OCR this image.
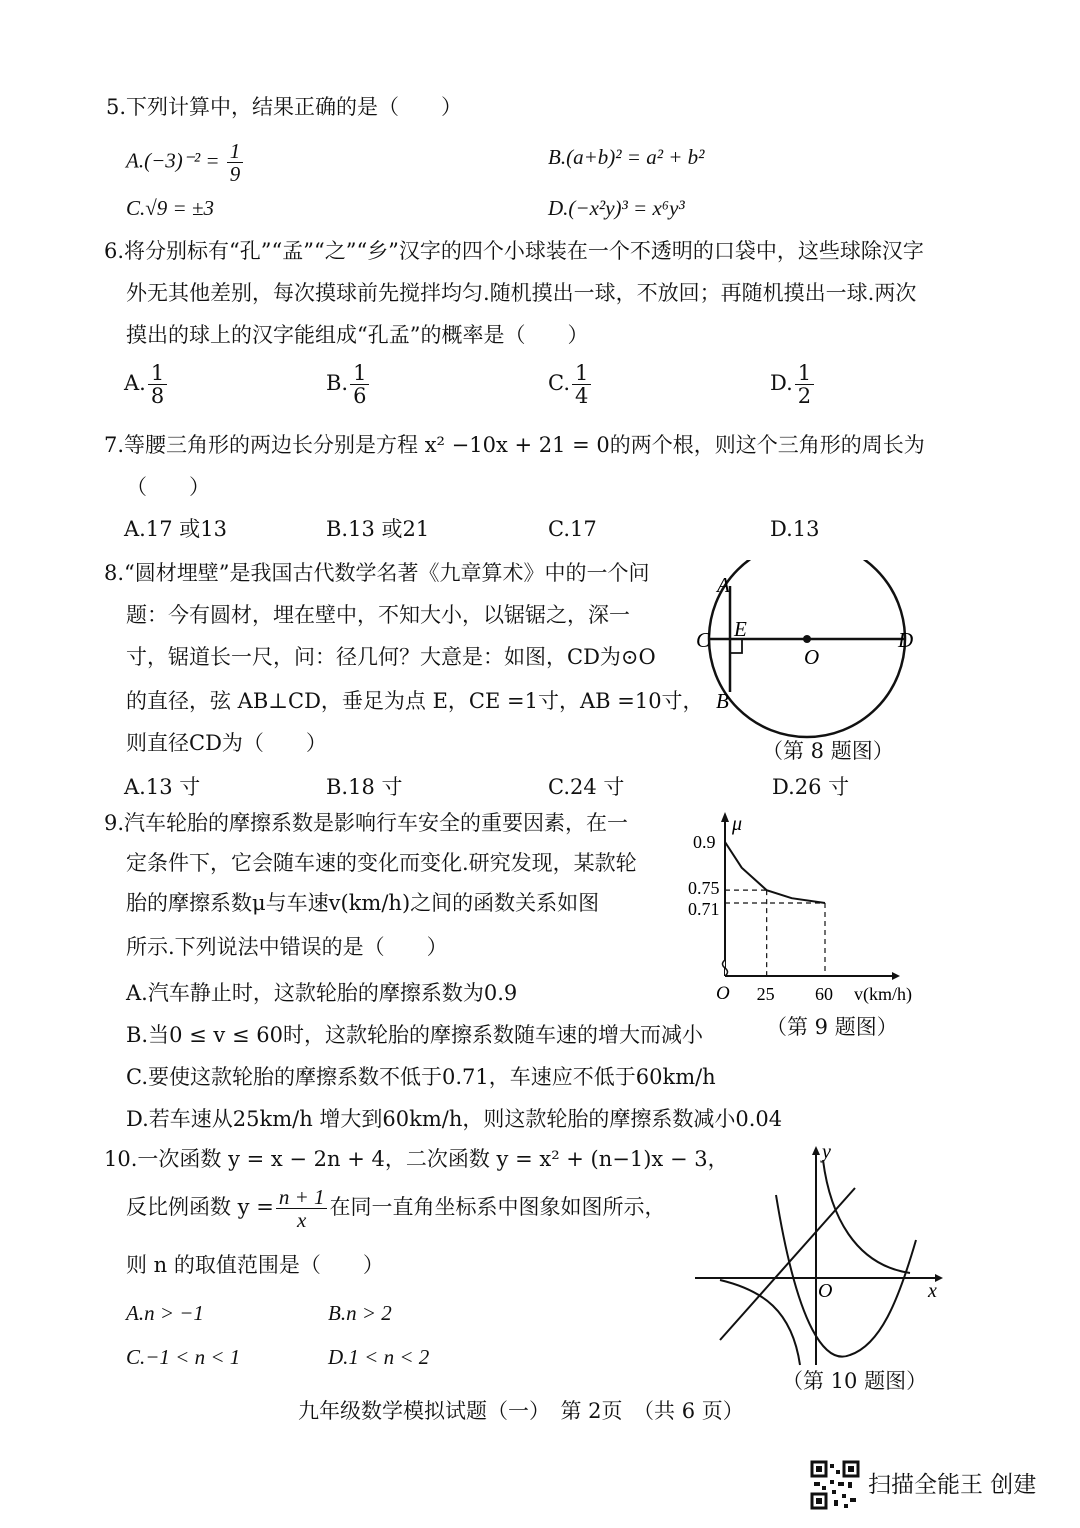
5.下列计算中，结果正确的是（　　）
$A.(-3)^{-2} = \frac{1}{9}$	B.(a+b)² = a² + b²
C.√9 = ±3	D.(−x²y)³ = x⁶y³
6.将分别标有“孔”“孟”“之”“乡”汉字的四个小球装在一个不透明的口袋中，这些球除汉字
外无其他差别，每次摸球前先搅拌均匀.随机摸出一球，不放回；再随机摸出一球.两次
摸出的球上的汉字能组成“孔孟”的概率是（　　）
A. $\frac{1}{8}$	B. $\frac{1}{6}$	C. $\frac{1}{4}$	D. $\frac{1}{2}$
7.等腰三角形的两边长分别是方程 x² −10x + 21 = 0的两个根，则这个三角形的周长为
（　　）
A.17 或13	B.13 或21	C.17	D.13
8.“圆材埋壁”是我国古代数学名著《九章算术》中的一个问
题：今有圆材，埋在壁中，不知大小，以锯锯之，深一
寸，锯道长一尺，问：径几何？大意是：如图，CD为⊙O
的直径，弦 AB⊥CD，垂足为点 E，CE =1寸，AB =10寸，
则直径CD为（　　）
A.13 寸	B.18 寸	C.24 寸	D.26 寸
A
B
C	D
E
O
（第 8 题图）
9.汽车轮胎的摩擦系数是影响行车安全的重要因素，在一
定条件下，它会随车速的变化而变化.研究发现，某款轮
胎的摩擦系数μ与车速v(km/h)之间的函数关系如图
所示.下列说法中错误的是（　　）
A.汽车静止时，这款轮胎的摩擦系数为0.9
B.当0 ≤ v ≤ 60时，这款轮胎的摩擦系数随车速的增大而减小
C.要使这款轮胎的摩擦系数不低于0.71，车速应不低于60km/h
D.若车速从25km/h 增大到60km/h，则这款轮胎的摩擦系数减小0.04
μ
0.9
0.75
0.71
O 25 60 v(km/h)
（第 9 题图）
10.一次函数 y = x − 2n + 4，二次函数 y = x² + (n−1)x − 3，
反比例函数 $y = \frac{n + 1}{x}$ 在同一直角坐标系中图象如图所示，
则 n 的取值范围是（　　）
A.n > −1	B.n > 2
C.−1 < n < 1	D.1 < n < 2
y
x
O
（第 10 题图）
九年级数学模拟试题（一）　第 2页　（共 6 页）
扫描全能王 创建
